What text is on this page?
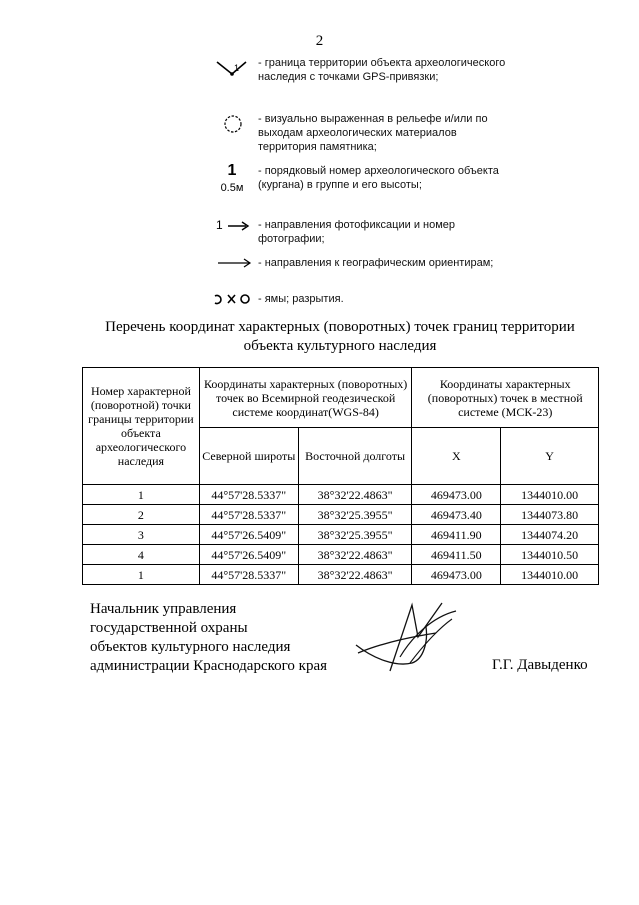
2
1 - граница территории объекта археологического наследия с точками GPS-привязки;
- визуально выраженная в рельефе и/или по выходам археологических материалов территория памятника;
1
0.5м
- порядковый номер археологического объекта (кургана) в группе и его высоты;
$^1$	- направления фотофиксации и номер фотографии;
- направления к географическим ориентирам;
- ямы; разрытия.
Перечень координат характерных (поворотных) точек границ территории
объекта культурного наследия
Номер характерной (поворотной) точки границы территории объекта археологического наследия	Координаты характерных (поворотных) точек во Всемирной геодезической системе координат(WGS-84)		Координаты характерных (поворотных) точек в местной системе (МСК-23)	
	Северной широты	Восточной долготы	X	Y
1	44°57'28.5337"	38°32'22.4863"	469473.00	1344010.00
2	44°57'28.5337"	38°32'25.3955"	469473.40	1344073.80
3	44°57'26.5409"	38°32'25.3955"	469411.90	1344074.20
4	44°57'26.5409"	38°32'22.4863"	469411.50	1344010.50
1	44°57'28.5337"	38°32'22.4863"	469473.00	1344010.00
Начальник управления
государственной охраны
объектов культурного наследия
администрации Краснодарского края	Г.Г. Давыденко
